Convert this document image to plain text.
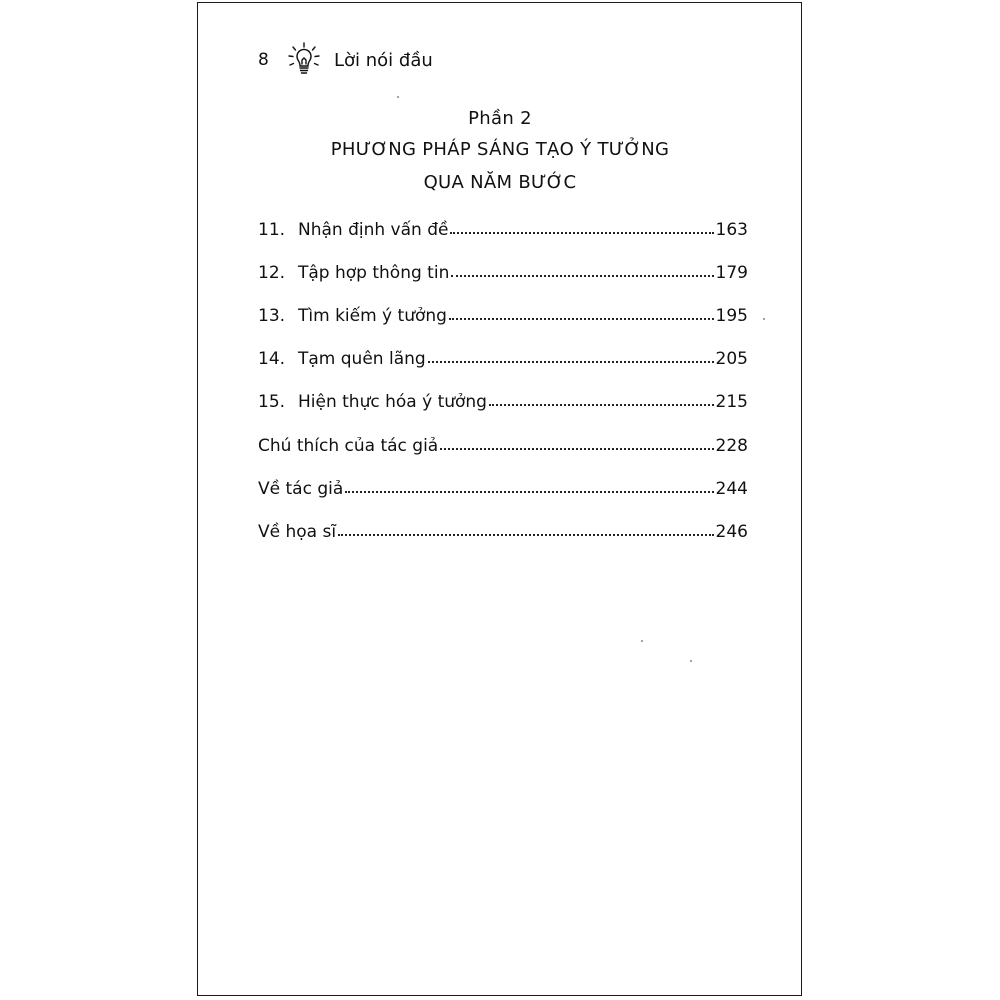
8	Lời nói đầu
Phần 2
PHƯƠNG PHÁP SÁNG TẠO Ý TƯỞNG
QUA NĂM BƯỚC
11. Nhận định vấn đề	163
12. Tập hợp thông tin	179
13. Tìm kiếm ý tưởng	195
14. Tạm quên lãng	205
15. Hiện thực hóa ý tưởng	215
Chú thích của tác giả	228
Về tác giả	244
Về họa sĩ	246
